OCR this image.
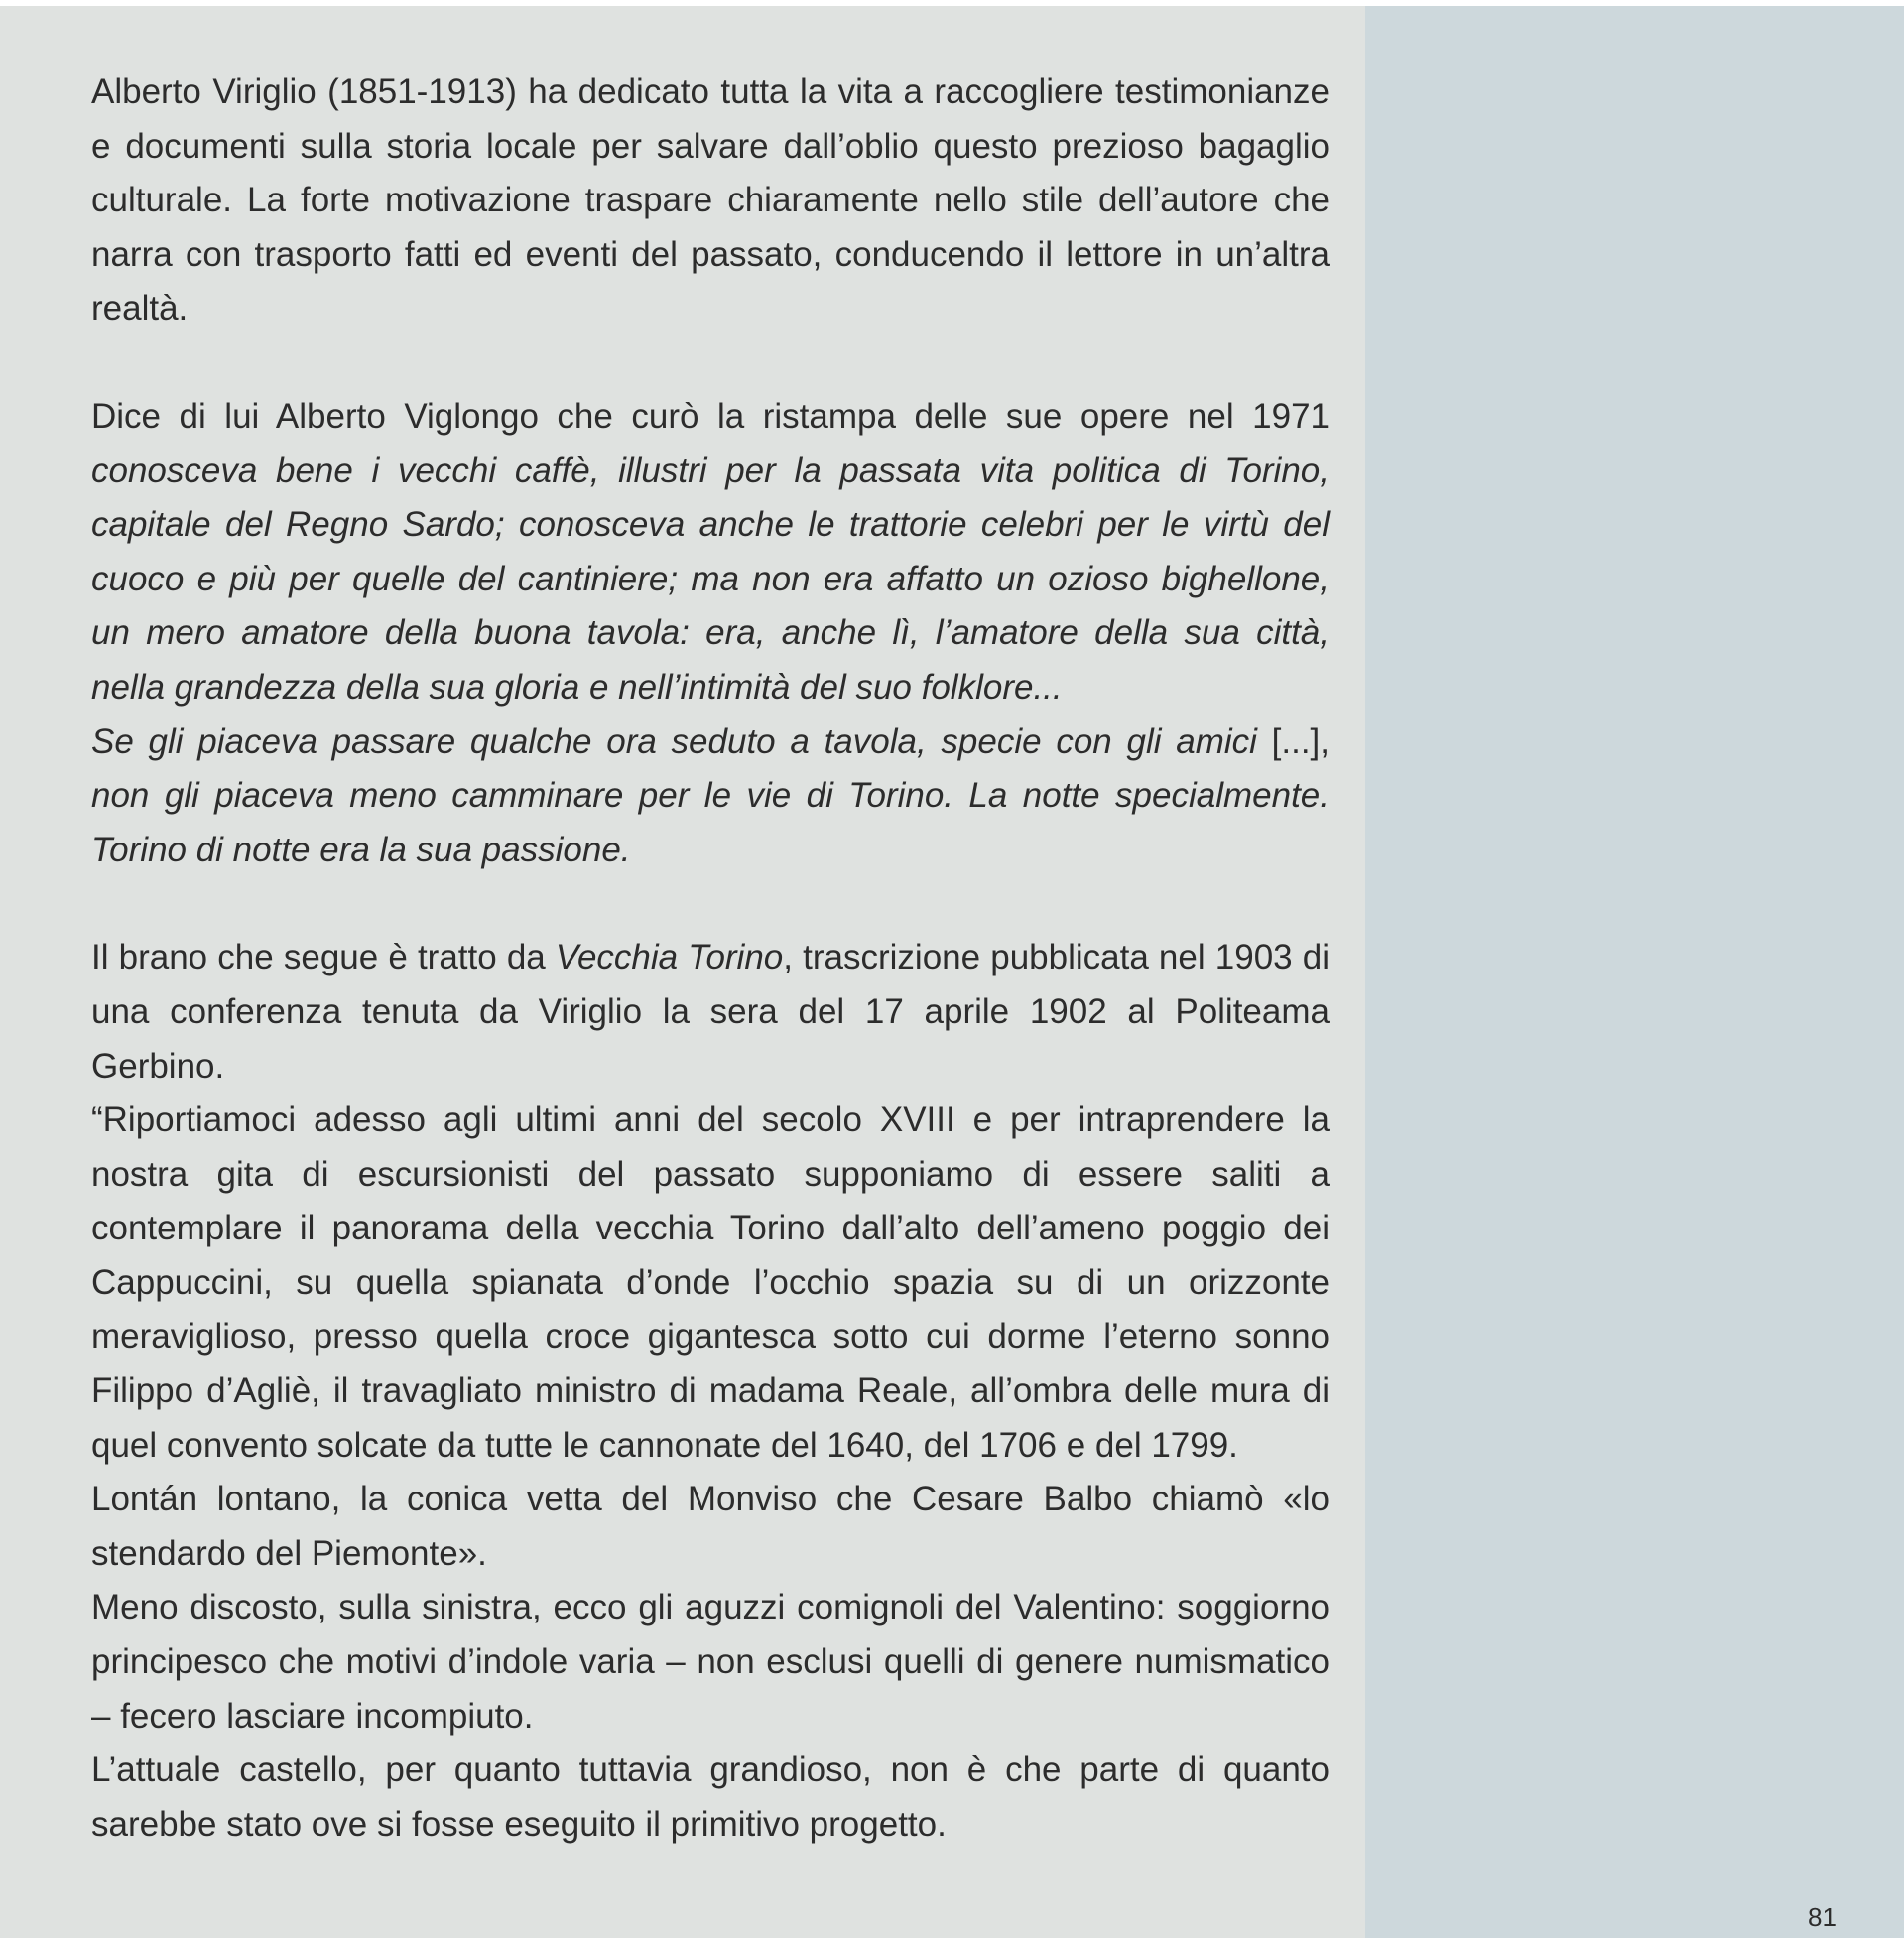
Alberto Viriglio (1851-1913) ha dedicato tutta la vita a raccogliere testimonianze e documenti sulla storia locale per salvare dall’oblio questo prezioso bagaglio culturale. La forte motivazione traspare chiaramente nello stile dell’autore che narra con trasporto fatti ed eventi del passato, conducendo il lettore in un’altra realtà.

Dice di lui Alberto Viglongo che curò la ristampa delle sue opere nel 1971 conosceva bene i vecchi caffè, illustri per la passata vita politica di Torino, capitale del Regno Sardo; conosceva anche le trattorie celebri per le virtù del cuoco e più per quelle del cantiniere; ma non era affatto un ozioso bighellone, un mero amatore della buona tavola: era, anche lì, l’amatore della sua città, nella grandezza della sua gloria e nell’intimità del suo folklore...

Se gli piaceva passare qualche ora seduto a tavola, specie con gli amici [...], non gli piaceva meno camminare per le vie di Torino. La notte specialmente. Torino di notte era la sua passione.

Il brano che segue è tratto da Vecchia Torino, trascrizione pubblicata nel 1903 di una conferenza tenuta da Viriglio la sera del 17 aprile 1902 al Politeama Gerbino.

“Riportiamoci adesso agli ultimi anni del secolo XVIII e per intraprendere la nostra gita di escursionisti del passato supponiamo di essere saliti a contemplare il panorama della vecchia Torino dall’alto dell’ameno poggio dei Cappuccini, su quella spianata d’onde l’occhio spazia su di un orizzonte meraviglioso, presso quella croce gigantesca sotto cui dorme l’eterno sonno Filippo d’Agliè, il travagliato ministro di madama Reale, all’ombra delle mura di quel convento solcate da tutte le cannonate del 1640, del 1706 e del 1799.

Lontán lontano, la conica vetta del Monviso che Cesare Balbo chiamò «lo stendardo del Piemonte».

Meno discosto, sulla sinistra, ecco gli aguzzi comignoli del Valentino: soggiorno principesco che motivi d’indole varia – non esclusi quelli di genere numismatico – fecero lasciare incompiuto.

L’attuale castello, per quanto tuttavia grandioso, non è che parte di quanto sarebbe stato ove si fosse eseguito il primitivo progetto.

81
